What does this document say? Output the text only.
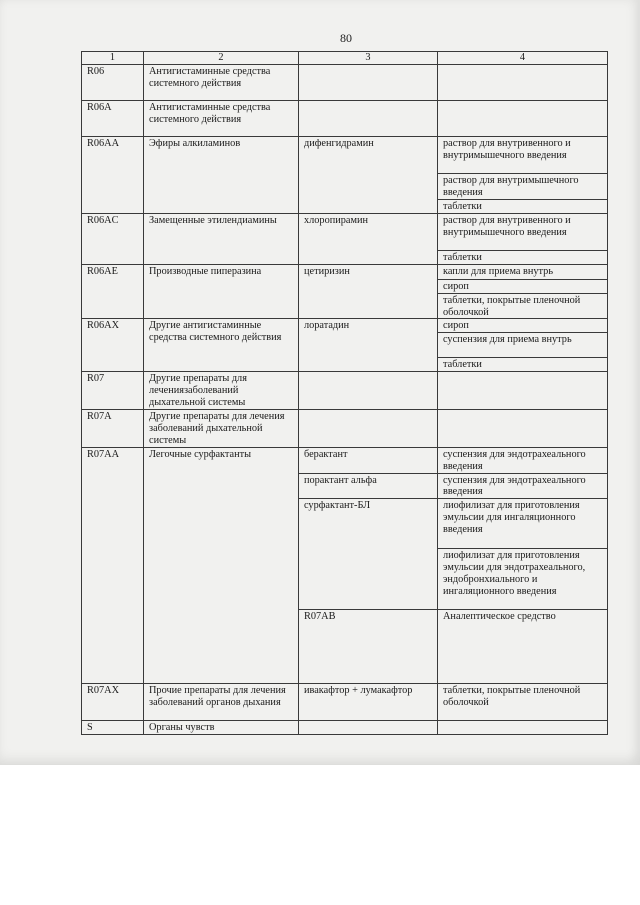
80
1	2	3	4	
R06	Антигистаминные средства системного действия			
R06A	Антигистаминные средства системного действия			
R06AA	Эфиры алкиламинов	дифенгидрамин	раствор для внутривенного и внутримышечного введения	
			раствор для внутримышечного введения	
			таблетки	
R06AC	Замещенные этилендиамины	хлоропирамин	раствор для внутривенного и внутримышечного введения	
			таблетки	
R06AE	Производные пиперазина	цетиризин	капли для приема внутрь	
			сироп	
			таблетки, покрытые пленочной оболочкой	
R06AX	Другие антигистаминные средства системного действия	лоратадин	сироп	
			суспензия для приема внутрь	
			таблетки	
R07	Другие препараты для лечениязаболеваний дыхательной системы			
R07A	Другие препараты для лечения заболеваний дыхательной системы			
R07AA	Легочные сурфактанты	берактант	суспензия для эндотрахеального введения	
		порактант альфа	суспензия для эндотрахеального введения	
		сурфактант-БЛ	лиофилизат для приготовления эмульсии для ингаляционного введения	
			лиофилизат для приготовления эмульсии для эндотрахеального, эндобронхиального и ингаляционного введения	
		R07AB	Аналептическое средство		
R07AX	Прочие препараты для лечения заболеваний органов дыхания	ивакафтор + лумакафтор	таблетки, покрытые пленочной оболочкой	
S	Органы чувств			
